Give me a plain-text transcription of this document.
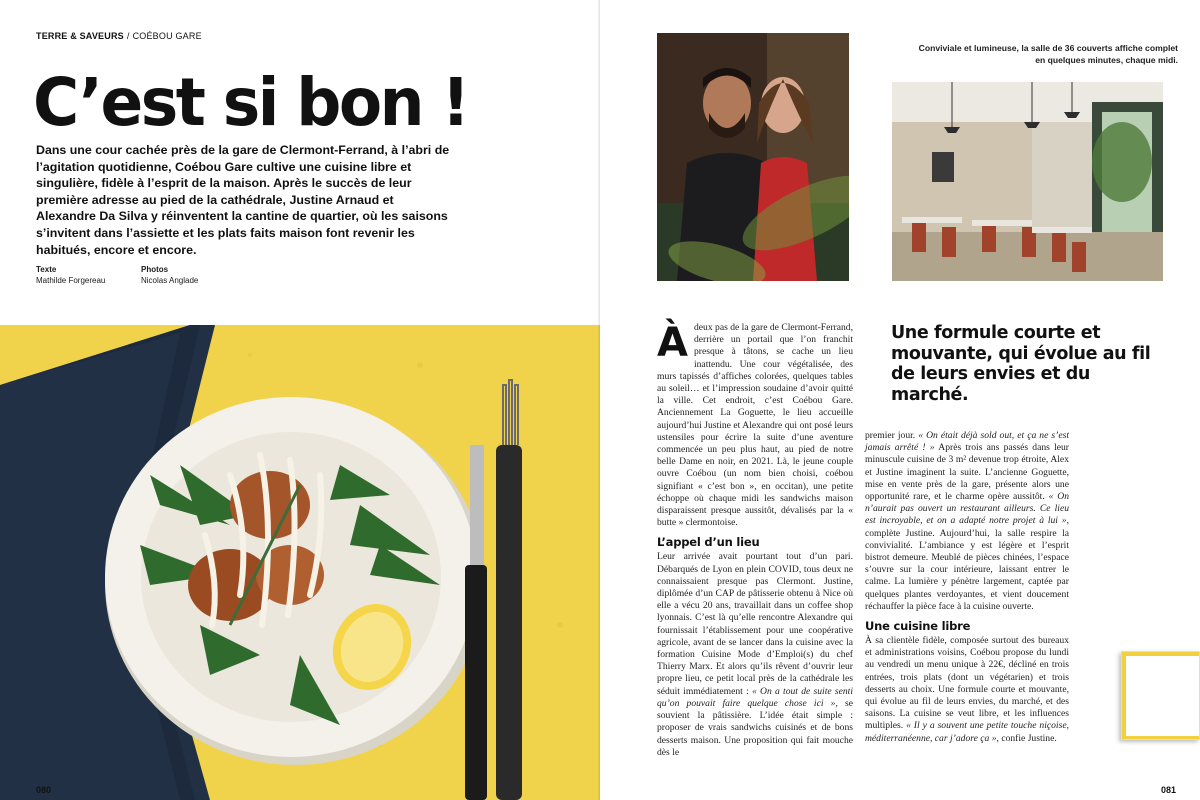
TERRE & SAVEURS / COÉBOU GARE
C’est si bon !

Dans une cour cachée près de la gare de Clermont-Ferrand, à l’abri de l’agitation quotidienne, Coébou Gare cultive une cuisine libre et singulière, fidèle à l’esprit de la maison. Après le succès de leur première adresse au pied de la cathédrale, Justine Arnaud et Alexandre Da Silva y réinventent la cantine de quartier, où les saisons s’invitent dans l’assiette et les plats faits maison font revenir les habitués, encore et encore.

Texte
Mathilde Forgereau
Photos
Nicolas Anglade
080
Conviviale et lumineuse, la salle de 36 couverts affiche complet en quelques minutes, chaque midi.
Une formule courte et mouvante, qui évolue au fil de leurs envies et du marché.

Àdeux pas de la gare de Clermont-Ferrand, derrière un portail que l’on franchit presque à tâtons, se cache un lieu inattendu. Une cour végétalisée, des murs tapissés d’affiches colorées, quelques tables au soleil… et l’impression soudaine d’avoir quitté la ville. Cet endroit, c’est Coébou Gare. Anciennement La Goguette, le lieu accueille aujourd’hui Justine et Alexandre qui ont posé leurs ustensiles pour écrire la suite d’une aventure commencée un peu plus haut, au pied de notre belle Dame en noir, en 2021. Là, le jeune couple ouvre Coébou (un nom bien choisi, coébou signifiant « c’est bon », en occitan), une petite échoppe où chaque midi les sandwichs maison disparaissent presque aussitôt, dévalisés par la « butte » clermontoise.

L’appel d’un lieu

Leur arrivée avait pourtant tout d’un pari. Débarqués de Lyon en plein COVID, tous deux ne connaissaient presque pas Clermont. Justine, diplômée d’un CAP de pâtisserie obtenu à Nice où elle a vécu 20 ans, travaillait dans un coffee shop lyonnais. C’est là qu’elle rencontre Alexandre qui fournissait l’établissement pour une coopérative agricole, avant de se lancer dans la cuisine avec la formation Cuisine Mode d’Emploi(s) du chef Thierry Marx. Et alors qu’ils rêvent d’ouvrir leur propre lieu, ce petit local près de la cathédrale les séduit immédiatement : « On a tout de suite senti qu’on pouvait faire quelque chose ici », se souvient la pâtissière. L’idée était simple : proposer de vrais sandwichs cuisinés et de bons desserts maison. Une proposition qui fait mouche dès le

premier jour. « On était déjà sold out, et ça ne s’est jamais arrêté ! » Après trois ans passés dans leur minuscule cuisine de 3 m² devenue trop étroite, Alex et Justine imaginent la suite. L’ancienne Goguette, mise en vente près de la gare, présente alors une opportunité rare, et le charme opère aussitôt. « On n’aurait pas ouvert un restaurant ailleurs. Ce lieu est incroyable, et on a adapté notre projet à lui », complète Justine. Aujourd’hui, la salle respire la convivialité. L’ambiance y est légère et l’esprit bistrot demeure. Meublé de pièces chinées, l’espace s’ouvre sur la cour intérieure, laissant entrer le calme. La lumière y pénètre largement, captée par quelques plantes verdoyantes, et vient doucement réchauffer la pièce face à la cuisine ouverte.

Une cuisine libre

À sa clientèle fidèle, composée surtout des bureaux et administrations voisins, Coébou propose du lundi au vendredi un menu unique à 22€, décliné en trois entrées, trois plats (dont un végétarien) et trois desserts au choix. Une formule courte et mouvante, qui évolue au fil de leurs envies, du marché, et des saisons. La cuisine se veut libre, et les influences multiples. « Il y a souvent une petite touche niçoise, méditerranéenne, car j’adore ça », confie Justine.

081
